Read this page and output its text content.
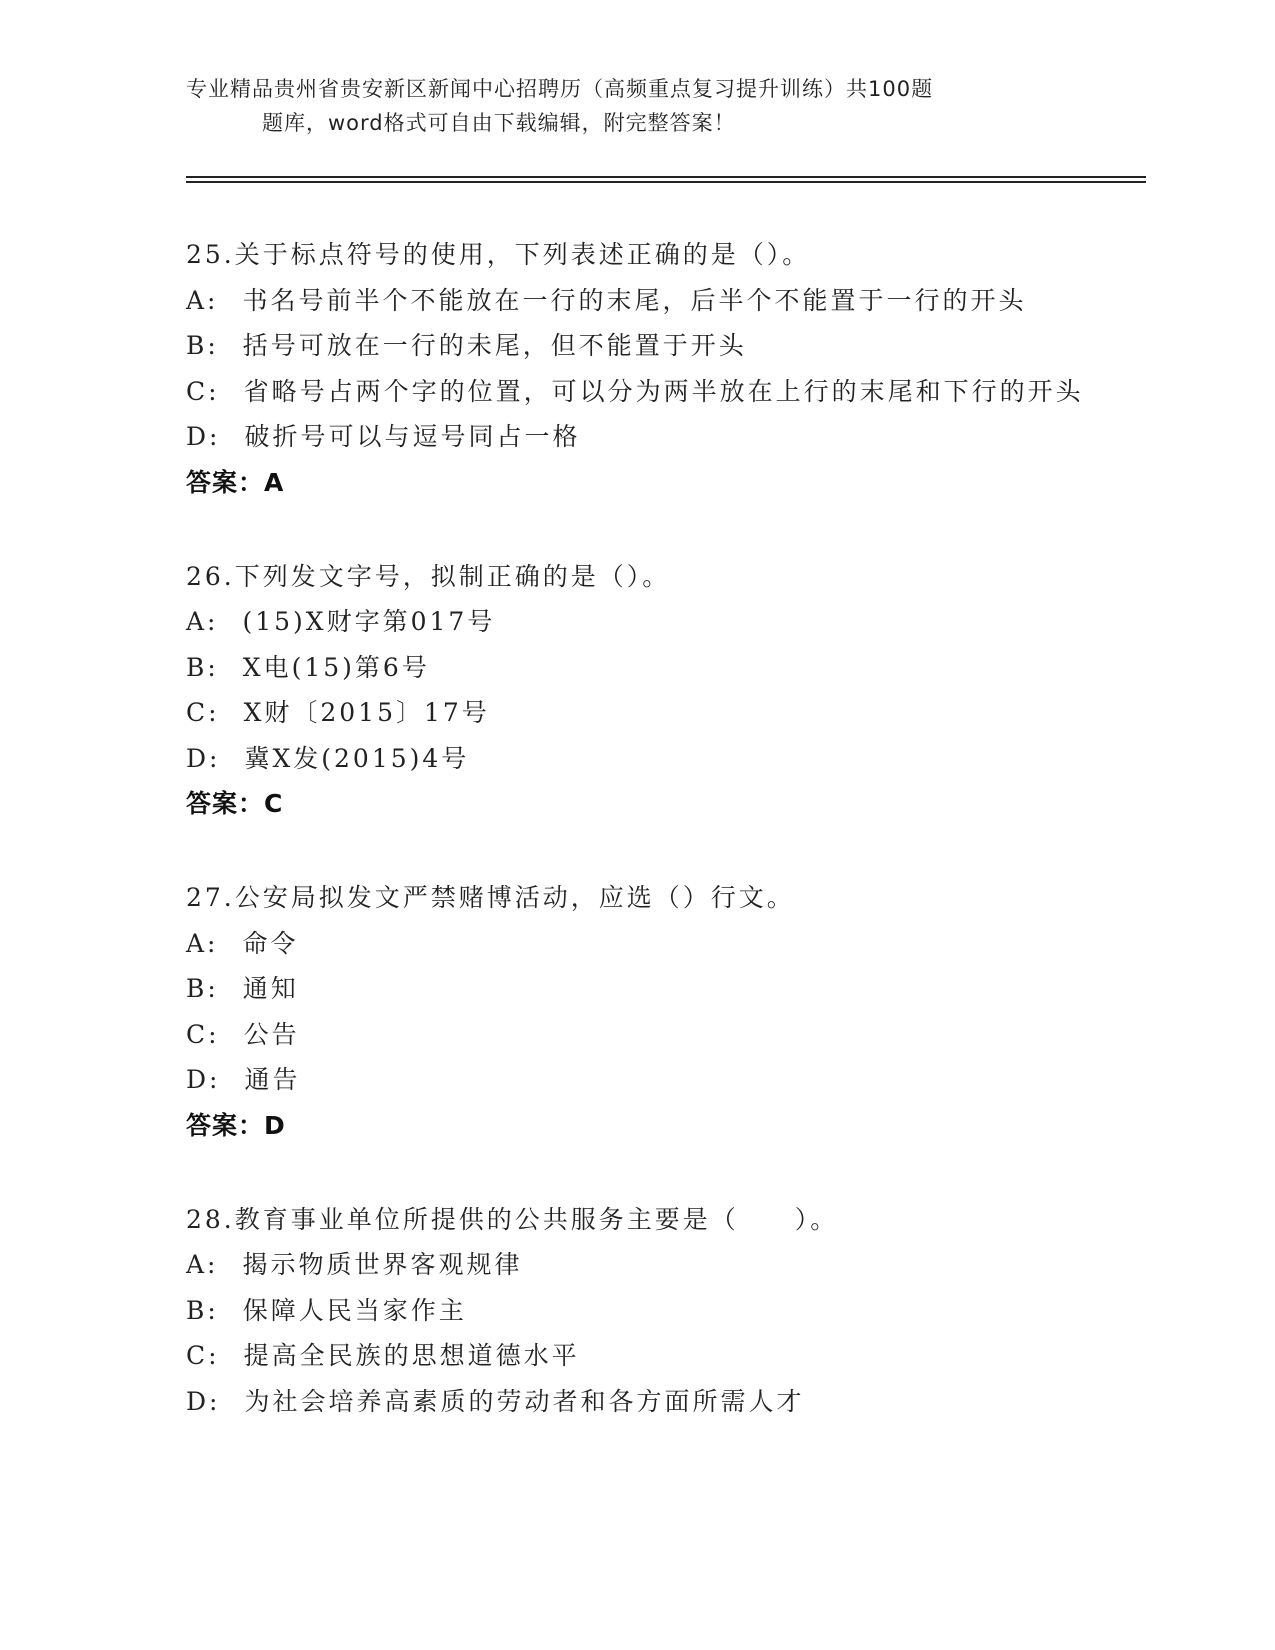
专业精品贵州省贵安新区新闻中心招聘历（高频重点复习提升训练）共100题
题库，word格式可自由下载编辑，附完整答案！

25.关于标点符号的使用，下列表述正确的是（）。

A: 书名号前半个不能放在一行的末尾，后半个不能置于一行的开头

B: 括号可放在一行的未尾，但不能置于开头

C: 省略号占两个字的位置，可以分为两半放在上行的末尾和下行的开头

D: 破折号可以与逗号同占一格

答案：A

26.下列发文字号，拟制正确的是（）。

A: (15)X财字第017号

B: X电(15)第6号

C: X财〔2015〕17号

D: 冀X发(2015)4号

答案：C

27.公安局拟发文严禁赌博活动，应选（）行文。

A: 命令

B: 通知

C: 公告

D: 通告

答案：D

28.教育事业单位所提供的公共服务主要是（　　）。

A: 揭示物质世界客观规律

B: 保障人民当家作主

C: 提高全民族的思想道德水平

D: 为社会培养高素质的劳动者和各方面所需人才
